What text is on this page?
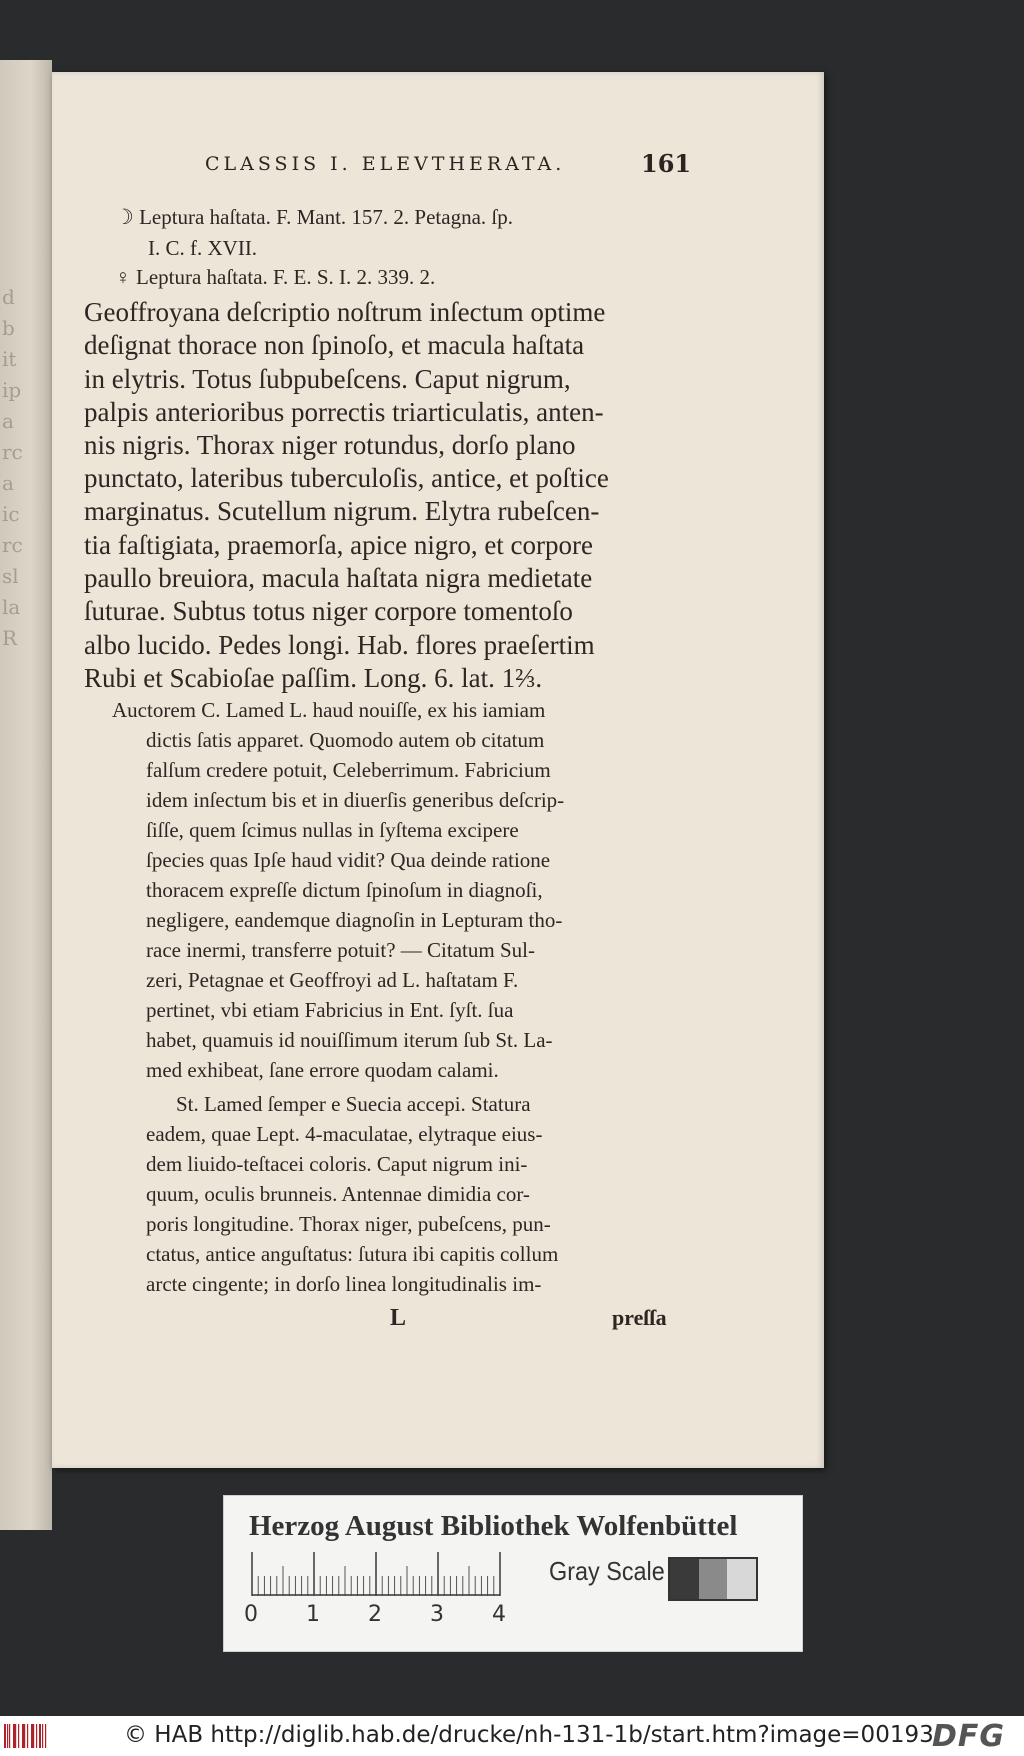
d
b
it
ip
a
rc
a
ic
rc
sl
la
R
CLASSIS I. ELEVTHERATA.	161
☽ Leptura haſtata. F. Mant. 157. 2. Petagna. ſp.
I. C. f. XVII.
♀ Leptura haſtata. F. E. S. I. 2. 339. 2.
Geoffroyana deſcriptio noſtrum inſectum optime
deſignat thorace non ſpinoſo, et macula haſtata
in elytris. Totus ſubpubeſcens. Caput nigrum,
palpis anterioribus porrectis triarticulatis, anten-
nis nigris. Thorax niger rotundus, dorſo plano
punctato, lateribus tuberculoſis, antice, et poſtice
marginatus. Scutellum nigrum. Elytra rubeſcen-
tia faſtigiata, praemorſa, apice nigro, et corpore
paullo breuiora, macula haſtata nigra medietate
ſuturae. Subtus totus niger corpore tomentoſo
albo lucido. Pedes longi. Hab. flores praeſertim
Rubi et Scabioſae paſſim. Long. 6. lat. 1⅔.
Auctorem C. Lamed L. haud nouiſſe, ex his iamiam
dictis ſatis apparet. Quomodo autem ob citatum
falſum credere potuit, Celeberrimum. Fabricium
idem inſectum bis et in diuerſis generibus deſcrip-
ſiſſe, quem ſcimus nullas in ſyſtema excipere
ſpecies quas Ipſe haud vidit? Qua deinde ratione
thoracem expreſſe dictum ſpinoſum in diagnoſi,
negligere, eandemque diagnoſin in Lepturam tho-
race inermi, transferre potuit? — Citatum Sul-
zeri, Petagnae et Geoffroyi ad L. haſtatam F.
pertinet, vbi etiam Fabricius in Ent. ſyſt. ſua
habet, quamuis id nouiſſimum iterum ſub St. La-
med exhibeat, ſane errore quodam calami.
St. Lamed ſemper e Suecia accepi. Statura
eadem, quae Lept. 4-maculatae, elytraque eius-
dem liuido-teſtacei coloris. Caput nigrum ini-
quum, oculis brunneis. Antennae dimidia cor-
poris longitudine. Thorax niger, pubeſcens, pun-
ctatus, antice anguſtatus: ſutura ibi capitis collum
arcte cingente; in dorſo linea longitudinalis im-
L	preſſa
Herzog August Bibliothek Wolfenbüttel
0 1 2 3 4
Gray Scale
© HAB http://diglib.hab.de/drucke/nh-131-1b/start.htm?image=00193
DFG
